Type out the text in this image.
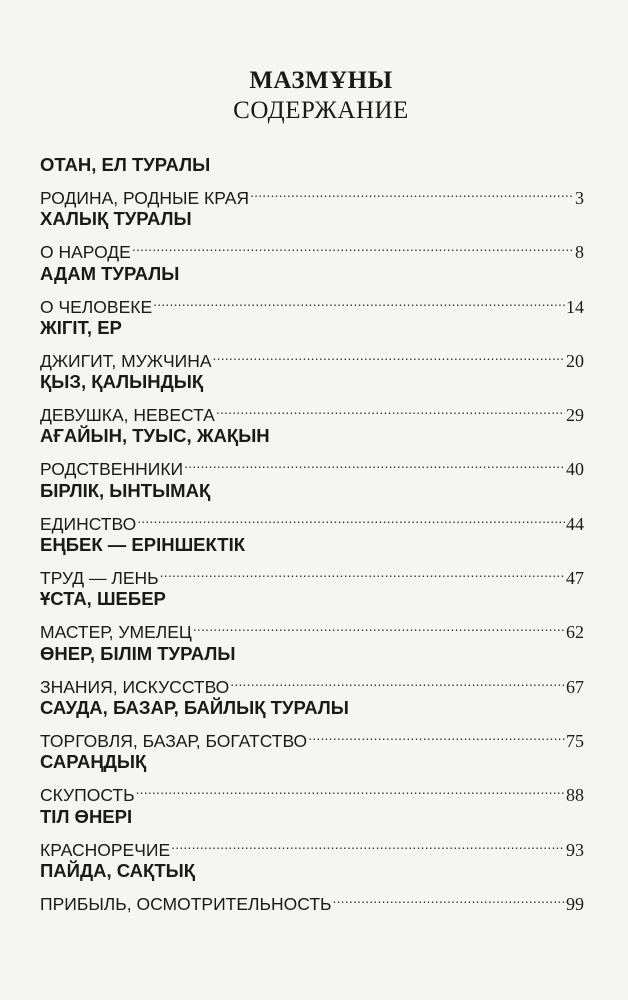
МАЗМҰНЫ
СОДЕРЖАНИЕ
ОТАН, ЕЛ ТУРАЛЫ
РОДИНА, РОДНЫЕ КРАЯ .....	3
ХАЛЫҚ ТУРАЛЫ
О НАРОДЕ .....	8
АДАМ ТУРАЛЫ
О ЧЕЛОВЕКЕ .....	14
ЖІГІТ, ЕР
ДЖИГИТ, МУЖЧИНА .....	20
ҚЫЗ, ҚАЛЫНДЫҚ
ДЕВУШКА, НЕВЕСТА .....	29
АҒАЙЫН, ТУЫС, ЖАҚЫН
РОДСТВЕННИКИ .....	40
БІРЛІК, ЫНТЫМАҚ
ЕДИНСТВО .....	44
ЕҢБЕК — ЕРІНШЕКТІК
ТРУД — ЛЕНЬ .....	47
ҰСТА, ШЕБЕР
МАСТЕР, УМЕЛЕЦ .....	62
ӨНЕР, БІЛІМ ТУРАЛЫ
ЗНАНИЯ, ИСКУССТВО .....	67
САУДА, БАЗАР, БАЙЛЫҚ ТУРАЛЫ
ТОРГОВЛЯ, БАЗАР, БОГАТСТВО .....	75
САРАҢДЫҚ
СКУПОСТЬ .....	88
ТІЛ ӨНЕРІ
КРАСНОРЕЧИЕ .....	93
ПАЙДА, САҚТЫҚ
ПРИБЫЛЬ, ОСМОТРИТЕЛЬНОСТЬ .....	99
